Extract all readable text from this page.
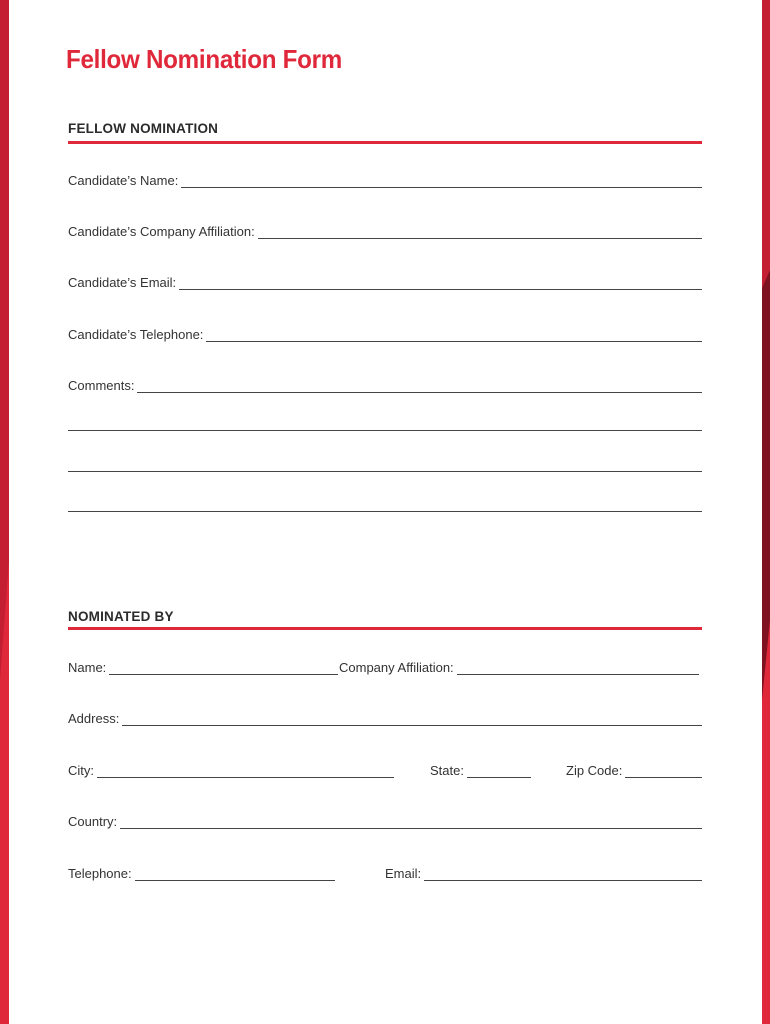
Fellow Nomination Form
FELLOW NOMINATION
Candidate’s Name:
Candidate’s Company Affiliation:
Candidate’s Email:
Candidate’s Telephone:
Comments:
NOMINATED BY
Name:	Company Affiliation:
Address:
City:	State:	Zip Code:
Country:
Telephone:	Email:
